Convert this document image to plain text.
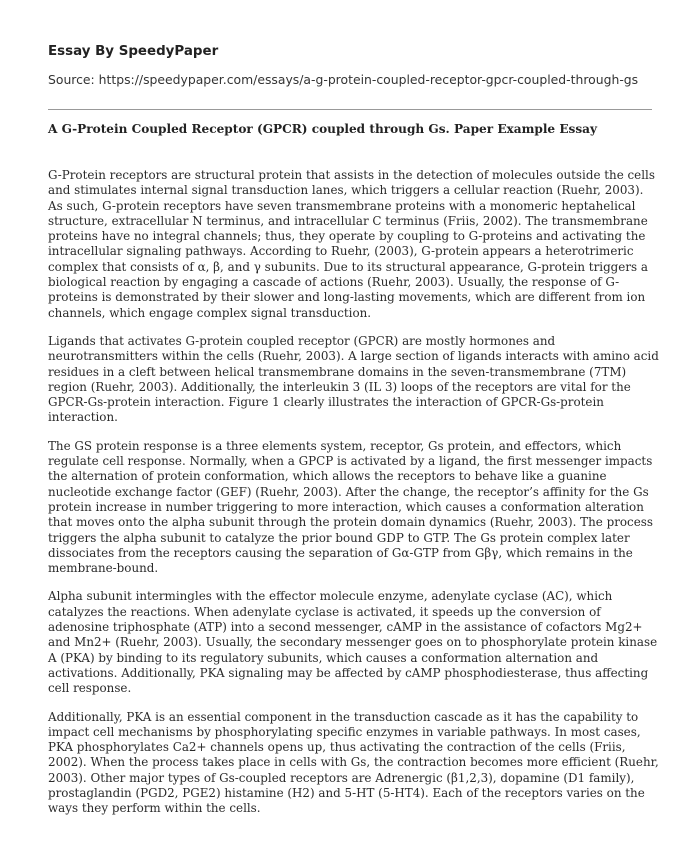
Essay By SpeedyPaper

Source: https://speedypaper.com/essays/a-g-protein-coupled-receptor-gpcr-coupled-through-gs

A G-Protein Coupled Receptor (GPCR) coupled through Gs. Paper Example Essay

G-Protein receptors are structural protein that assists in the detection of molecules outside the cells
and stimulates internal signal transduction lanes, which triggers a cellular reaction (Ruehr, 2003).
As such, G-protein receptors have seven transmembrane proteins with a monomeric heptahelical
structure, extracellular N terminus, and intracellular C terminus (Friis, 2002). The transmembrane
proteins have no integral channels; thus, they operate by coupling to G-proteins and activating the
intracellular signaling pathways. According to Ruehr, (2003), G-protein appears a heterotrimeric
complex that consists of α, β, and γ subunits. Due to its structural appearance, G-protein triggers a
biological reaction by engaging a cascade of actions (Ruehr, 2003). Usually, the response of G-
proteins is demonstrated by their slower and long-lasting movements, which are different from ion
channels, which engage complex signal transduction.

Ligands that activates G-protein coupled receptor (GPCR) are mostly hormones and
neurotransmitters within the cells (Ruehr, 2003). A large section of ligands interacts with amino acid
residues in a cleft between helical transmembrane domains in the seven-transmembrane (7TM)
region (Ruehr, 2003). Additionally, the interleukin 3 (IL 3) loops of the receptors are vital for the
GPCR-Gs-protein interaction. Figure 1 clearly illustrates the interaction of GPCR-Gs-protein
interaction.

The GS protein response is a three elements system, receptor, Gs protein, and effectors, which
regulate cell response. Normally, when a GPCP is activated by a ligand, the first messenger impacts
the alternation of protein conformation, which allows the receptors to behave like a guanine
nucleotide exchange factor (GEF) (Ruehr, 2003). After the change, the receptor’s affinity for the Gs
protein increase in number triggering to more interaction, which causes a conformation alteration
that moves onto the alpha subunit through the protein domain dynamics (Ruehr, 2003). The process
triggers the alpha subunit to catalyze the prior bound GDP to GTP. The Gs protein complex later
dissociates from the receptors causing the separation of Gα-GTP from Gβγ, which remains in the
membrane-bound.

Alpha subunit intermingles with the effector molecule enzyme, adenylate cyclase (AC), which
catalyzes the reactions. When adenylate cyclase is activated, it speeds up the conversion of
adenosine triphosphate (ATP) into a second messenger, cAMP in the assistance of cofactors Mg2+
and Mn2+ (Ruehr, 2003). Usually, the secondary messenger goes on to phosphorylate protein kinase
A (PKA) by binding to its regulatory subunits, which causes a conformation alternation and
activations. Additionally, PKA signaling may be affected by cAMP phosphodiesterase, thus affecting
cell response.

Additionally, PKA is an essential component in the transduction cascade as it has the capability to
impact cell mechanisms by phosphorylating specific enzymes in variable pathways. In most cases,
PKA phosphorylates Ca2+ channels opens up, thus activating the contraction of the cells (Friis,
2002). When the process takes place in cells with Gs, the contraction becomes more efficient (Ruehr,
2003). Other major types of Gs-coupled receptors are Adrenergic (β1,2,3), dopamine (D1 family),
prostaglandin (PGD2, PGE2) histamine (H2) and 5-HT (5-HT4). Each of the receptors varies on the
ways they perform within the cells.
